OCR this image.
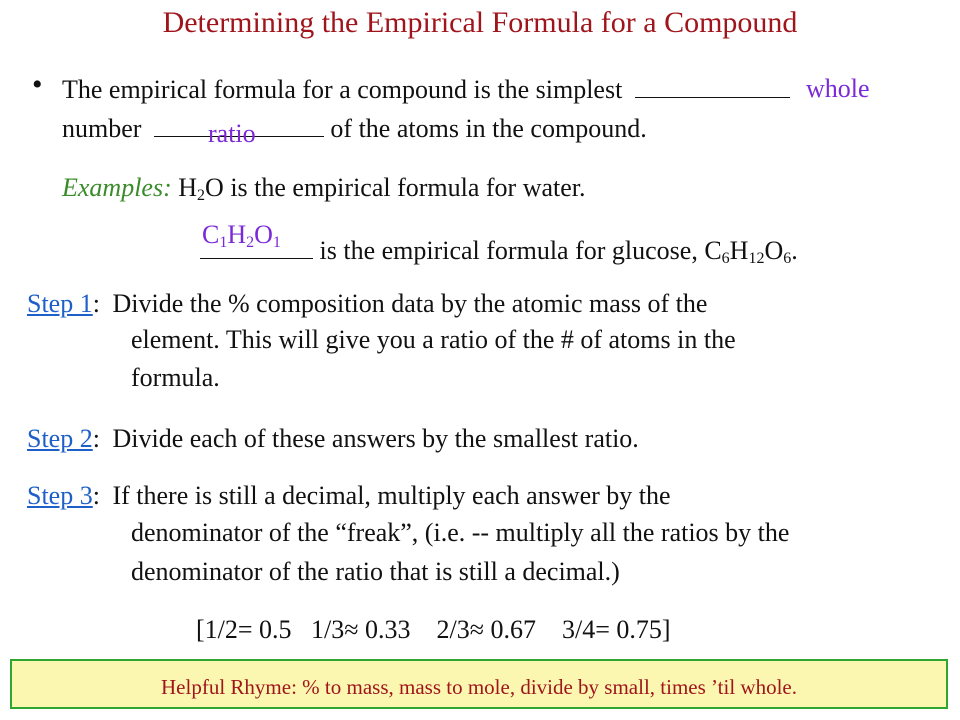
Determining the Empirical Formula for a Compound
• The empirical formula for a compound is the simplest	whole
number	of the atoms in the compound.
ratio
Examples: $H_2O$ is the empirical formula for water.
$C_1H_2O_1$	is the empirical formula for glucose, $C_6H_{12}O_6$.
Step 1: Divide the % composition data by the atomic mass of the
element. This will give you a ratio of the # of atoms in the
formula.
Step 2: Divide each of these answers by the smallest ratio.
Step 3: If there is still a decimal, multiply each answer by the
denominator of the “freak”, (i.e. -- multiply all the ratios by the
denominator of the ratio that is still a decimal.)
[1/2= 0.5   1/3≈ 0.33    2/3≈ 0.67    3/4= 0.75]
Helpful Rhyme: % to mass, mass to mole, divide by small, times ’til whole.
